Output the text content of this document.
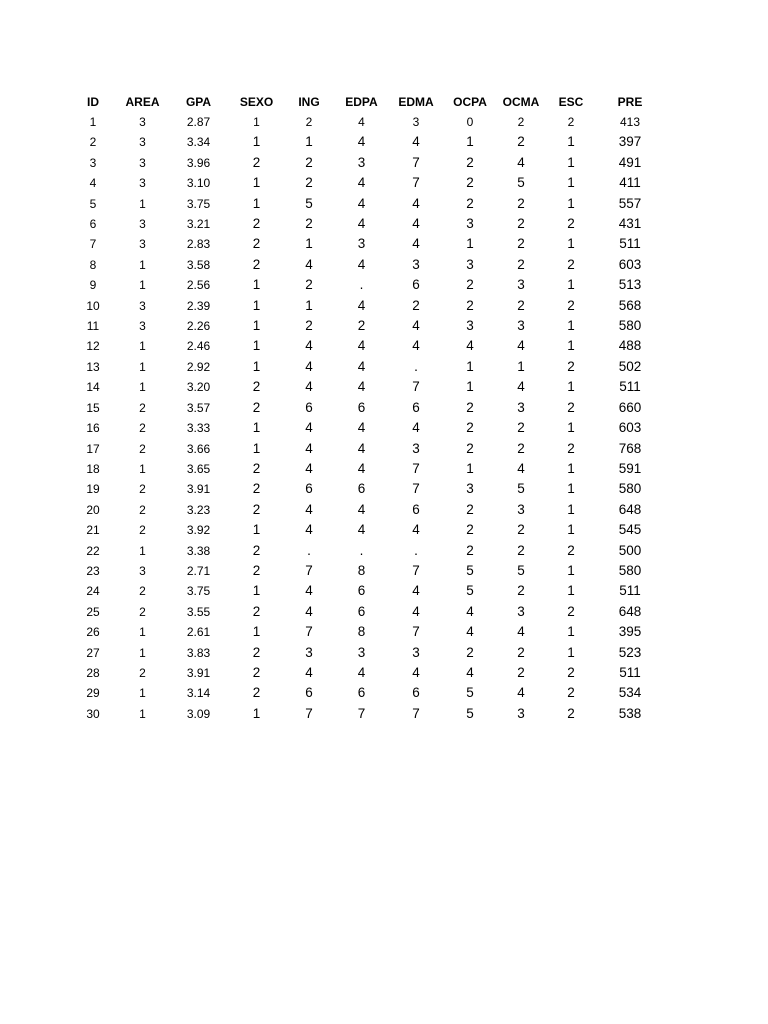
ID	AREA	GPA	SEXO	ING	EDPA	EDMA	OCPA	OCMA	ESC	PRE
1	3	2.87	1	2	4	3	0	2	2	413
2	3	3.34	1	1	4	4	1	2	1	397
3	3	3.96	2	2	3	7	2	4	1	491
4	3	3.10	1	2	4	7	2	5	1	411
5	1	3.75	1	5	4	4	2	2	1	557
6	3	3.21	2	2	4	4	3	2	2	431
7	3	2.83	2	1	3	4	1	2	1	511
8	1	3.58	2	4	4	3	3	2	2	603
9	1	2.56	1	2	.	6	2	3	1	513
10	3	2.39	1	1	4	2	2	2	2	568
11	3	2.26	1	2	2	4	3	3	1	580
12	1	2.46	1	4	4	4	4	4	1	488
13	1	2.92	1	4	4	.	1	1	2	502
14	1	3.20	2	4	4	7	1	4	1	511
15	2	3.57	2	6	6	6	2	3	2	660
16	2	3.33	1	4	4	4	2	2	1	603
17	2	3.66	1	4	4	3	2	2	2	768
18	1	3.65	2	4	4	7	1	4	1	591
19	2	3.91	2	6	6	7	3	5	1	580
20	2	3.23	2	4	4	6	2	3	1	648
21	2	3.92	1	4	4	4	2	2	1	545
22	1	3.38	2	.	.	.	2	2	2	500
23	3	2.71	2	7	8	7	5	5	1	580
24	2	3.75	1	4	6	4	5	2	1	511
25	2	3.55	2	4	6	4	4	3	2	648
26	1	2.61	1	7	8	7	4	4	1	395
27	1	3.83	2	3	3	3	2	2	1	523
28	2	3.91	2	4	4	4	4	2	2	511
29	1	3.14	2	6	6	6	5	4	2	534
30	1	3.09	1	7	7	7	5	3	2	538
